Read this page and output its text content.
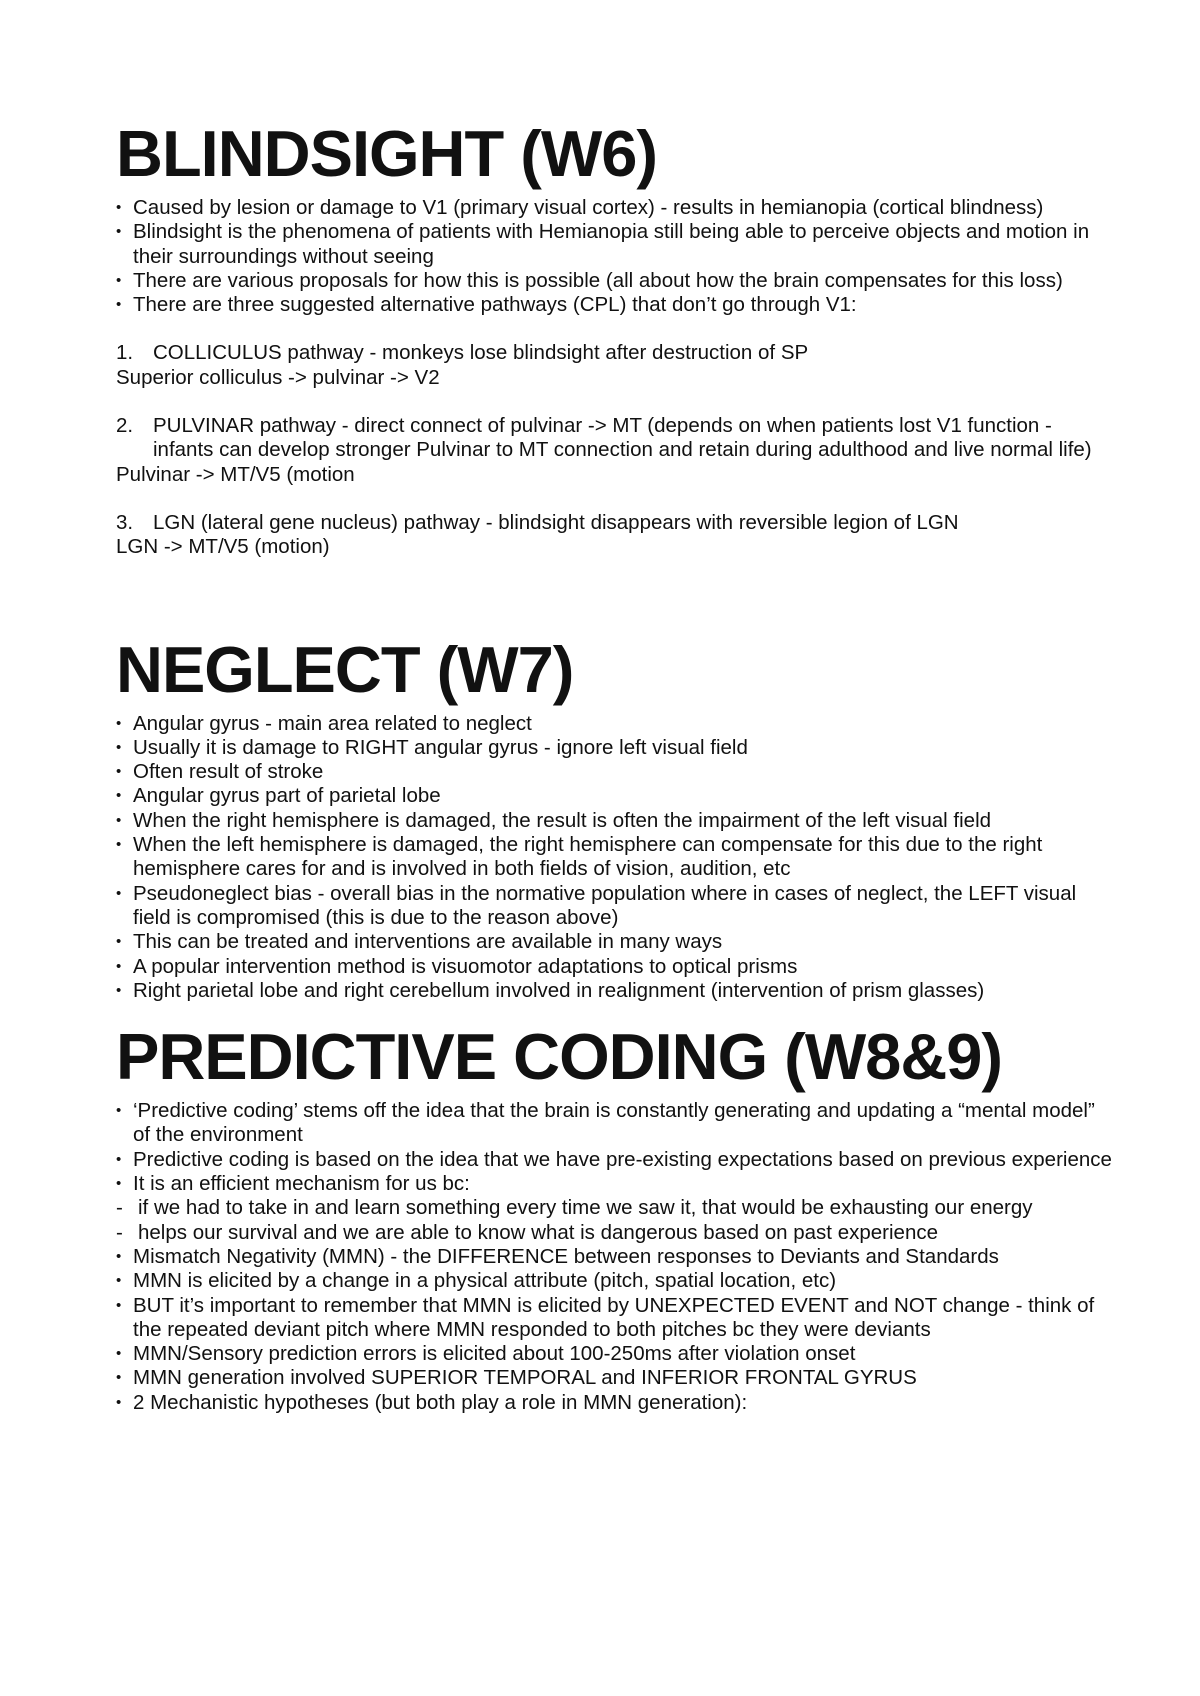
BLINDSIGHT (W6)
• Caused by lesion or damage to V1 (primary visual cortex) - results in hemianopia (cortical blindness)
• Blindsight is the phenomena of patients with Hemianopia still being able to perceive objects and motion in their surroundings without seeing
• There are various proposals for how this is possible (all about how the brain compensates for this loss)
• There are three suggested alternative pathways (CPL) that don’t go through V1:
1. COLLICULUS pathway - monkeys lose blindsight after destruction of SP
Superior colliculus -> pulvinar -> V2
2. PULVINAR pathway - direct connect of pulvinar -> MT (depends on when patients lost V1 function - infants can develop stronger Pulvinar to MT connection and retain during adulthood and live normal life)
Pulvinar -> MT/V5 (motion
3. LGN (lateral gene nucleus) pathway - blindsight disappears with reversible legion of LGN
LGN -> MT/V5 (motion)
NEGLECT (W7)
• Angular gyrus - main area related to neglect
• Usually it is damage to RIGHT angular gyrus - ignore left visual field
• Often result of stroke
• Angular gyrus part of parietal lobe
• When the right hemisphere is damaged, the result is often the impairment of the left visual field
• When the left hemisphere is damaged, the right hemisphere can compensate for this due to the right hemisphere cares for and is involved in both fields of vision, audition, etc
• Pseudoneglect bias - overall bias in the normative population where in cases of neglect, the LEFT visual field is compromised (this is due to the reason above)
• This can be treated and interventions are available in many ways
• A popular intervention method is visuomotor adaptations to optical prisms
• Right parietal lobe and right cerebellum involved in realignment (intervention of prism glasses)
PREDICTIVE CODING (W8&9)
• ‘Predictive coding’ stems off the idea that the brain is constantly generating and updating a “mental model” of the environment
• Predictive coding is based on the idea that we have pre-existing expectations based on previous experience
• It is an efficient mechanism for us bc:
- if we had to take in and learn something every time we saw it, that would be exhausting our energy
- helps our survival and we are able to know what is dangerous based on past experience
• Mismatch Negativity (MMN) - the DIFFERENCE between responses to Deviants and Standards
• MMN is elicited by a change in a physical attribute (pitch, spatial location, etc)
• BUT it’s important to remember that MMN is elicited by UNEXPECTED EVENT and NOT change - think of the repeated deviant pitch where MMN responded to both pitches bc they were deviants
• MMN/Sensory prediction errors is elicited about 100-250ms after violation onset
• MMN generation involved SUPERIOR TEMPORAL and INFERIOR FRONTAL GYRUS
• 2 Mechanistic hypotheses (but both play a role in MMN generation):
